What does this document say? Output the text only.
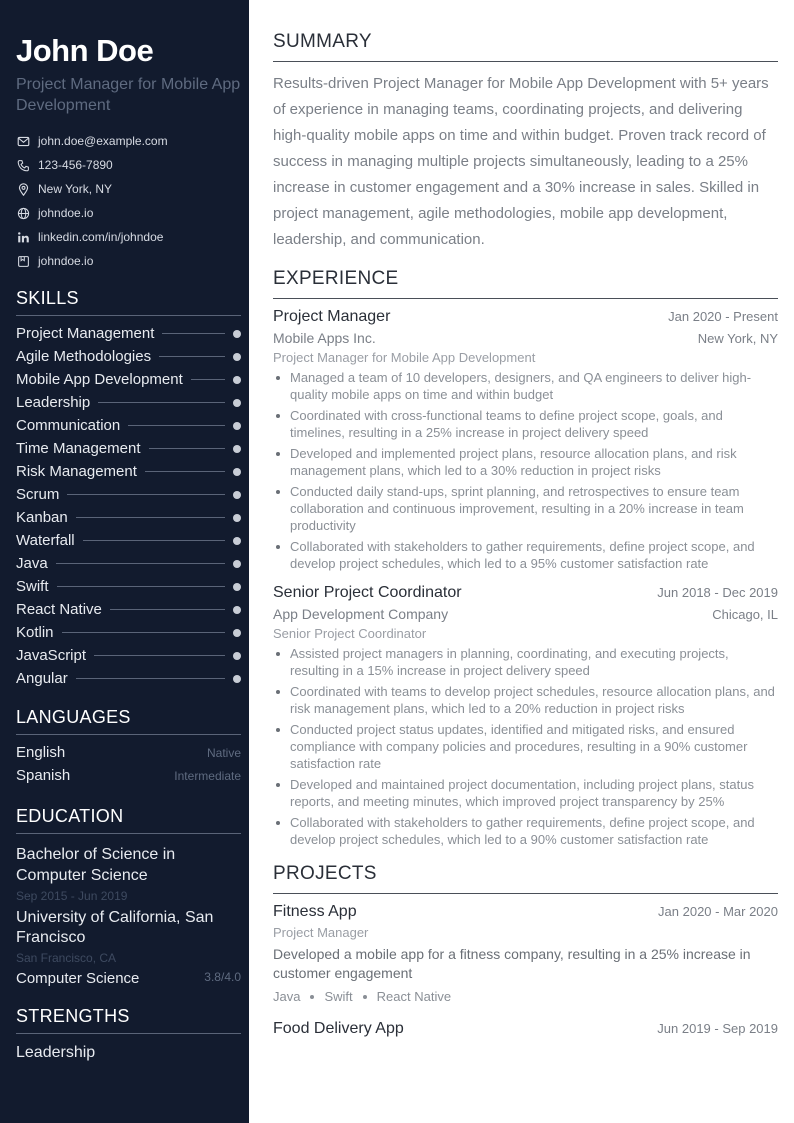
John Doe
Project Manager for Mobile App Development
john.doe@example.com
123-456-7890
New York, NY
johndoe.io
linkedin.com/in/johndoe
johndoe.io
SKILLS
Project Management
Agile Methodologies
Mobile App Development
Leadership
Communication
Time Management
Risk Management
Scrum
Kanban
Waterfall
Java
Swift
React Native
Kotlin
JavaScript
Angular
LANGUAGES
English	Native
Spanish	Intermediate
EDUCATION
Bachelor of Science in Computer Science
Sep 2015 - Jun 2019
University of California, San Francisco
San Francisco, CA
Computer Science	3.8/4.0
STRENGTHS
Leadership
SUMMARY
Results-driven Project Manager for Mobile App Development with 5+ years of experience in managing teams, coordinating projects, and delivering high-quality mobile apps on time and within budget. Proven track record of success in managing multiple projects simultaneously, leading to a 25% increase in customer engagement and a 30% increase in sales. Skilled in project management, agile methodologies, mobile app development, leadership, and communication.
EXPERIENCE
Project Manager	Jan 2020 - Present
Mobile Apps Inc.	New York, NY
Project Manager for Mobile App Development
Managed a team of 10 developers, designers, and QA engineers to deliver high-quality mobile apps on time and within budget
Coordinated with cross-functional teams to define project scope, goals, and timelines, resulting in a 25% increase in project delivery speed
Developed and implemented project plans, resource allocation plans, and risk management plans, which led to a 30% reduction in project risks
Conducted daily stand-ups, sprint planning, and retrospectives to ensure team collaboration and continuous improvement, resulting in a 20% increase in team productivity
Collaborated with stakeholders to gather requirements, define project scope, and develop project schedules, which led to a 95% customer satisfaction rate
Senior Project Coordinator	Jun 2018 - Dec 2019
App Development Company	Chicago, IL
Senior Project Coordinator
Assisted project managers in planning, coordinating, and executing projects, resulting in a 15% increase in project delivery speed
Coordinated with teams to develop project schedules, resource allocation plans, and risk management plans, which led to a 20% reduction in project risks
Conducted project status updates, identified and mitigated risks, and ensured compliance with company policies and procedures, resulting in a 90% customer satisfaction rate
Developed and maintained project documentation, including project plans, status reports, and meeting minutes, which improved project transparency by 25%
Collaborated with stakeholders to gather requirements, define project scope, and develop project schedules, which led to a 90% customer satisfaction rate
PROJECTS
Fitness App	Jan 2020 - Mar 2020
Project Manager
Developed a mobile app for a fitness company, resulting in a 25% increase in customer engagement
Java Swift React Native
Food Delivery App	Jun 2019 - Sep 2019
